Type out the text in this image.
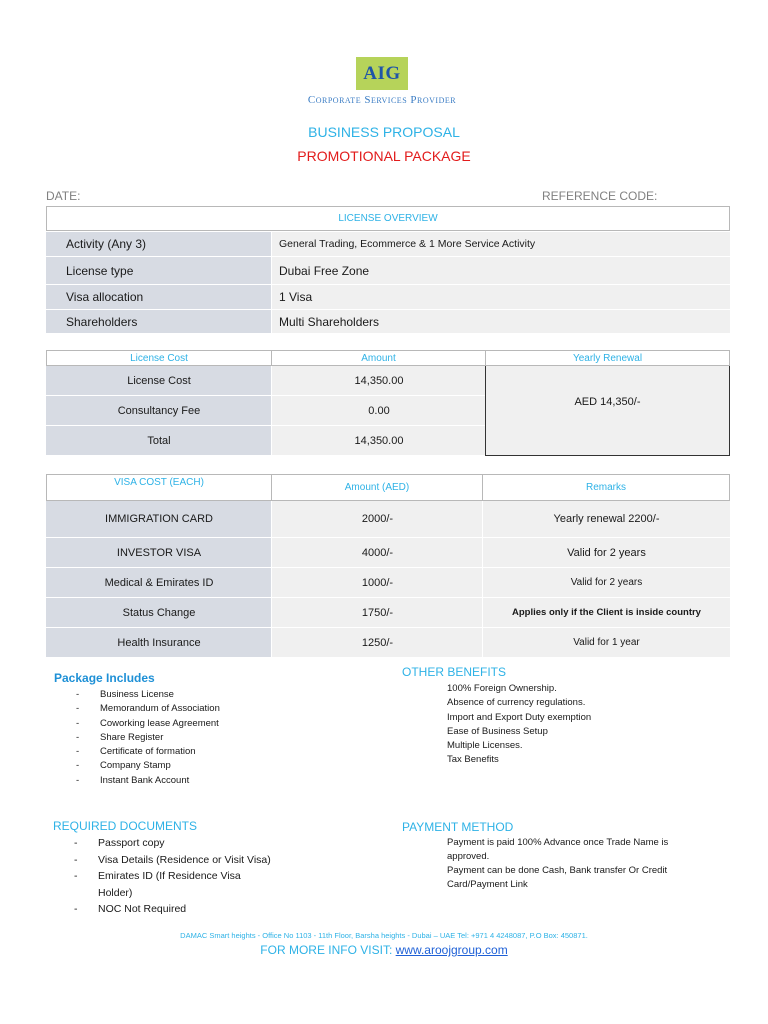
AIG
Corporate Services Provider
BUSINESS PROPOSAL
PROMOTIONAL PACKAGE
DATE:	REFERENCE CODE:
LICENSE OVERVIEW
Activity (Any 3)	General Trading, Ecommerce & 1 More Service Activity
License type	Dubai Free Zone
Visa allocation	1 Visa
Shareholders	Multi Shareholders
License Cost	Amount	Yearly Renewal
License Cost	14,350.00
Consultancy Fee	0.00
Total	14,350.00
AED 14,350/-
VISA COST (EACH)	Amount (AED)	Remarks
IMMIGRATION CARD	2000/-	Yearly renewal 2200/-
INVESTOR VISA	4000/-	Valid for 2 years
Medical & Emirates ID	1000/-	Valid for 2 years
Status Change	1750/-	Applies only if the Client is inside country
Health Insurance	1250/-	Valid for 1 year
Package Includes
- Business License
- Memorandum of Association
- Coworking lease Agreement
- Share Register
- Certificate of formation
- Company Stamp
- Instant Bank Account
OTHER BENEFITS
100% Foreign Ownership.
Absence of currency regulations.
Import and Export Duty exemption
Ease of Business Setup
Multiple Licenses.
Tax Benefits
REQUIRED DOCUMENTS
- Passport copy
- Visa Details (Residence or Visit Visa)
- Emirates ID (If Residence Visa Holder)
- NOC Not Required
PAYMENT METHOD
Payment is paid 100% Advance once Trade Name is approved.
Payment can be done Cash, Bank transfer Or Credit Card/Payment Link
DAMAC Smart heights - Office No 1103 - 11th Floor, Barsha heights - Dubai – UAE Tel: +971 4 4248087, P.O Box: 450871.
FOR MORE INFO VISIT: www.aroojgroup.com
